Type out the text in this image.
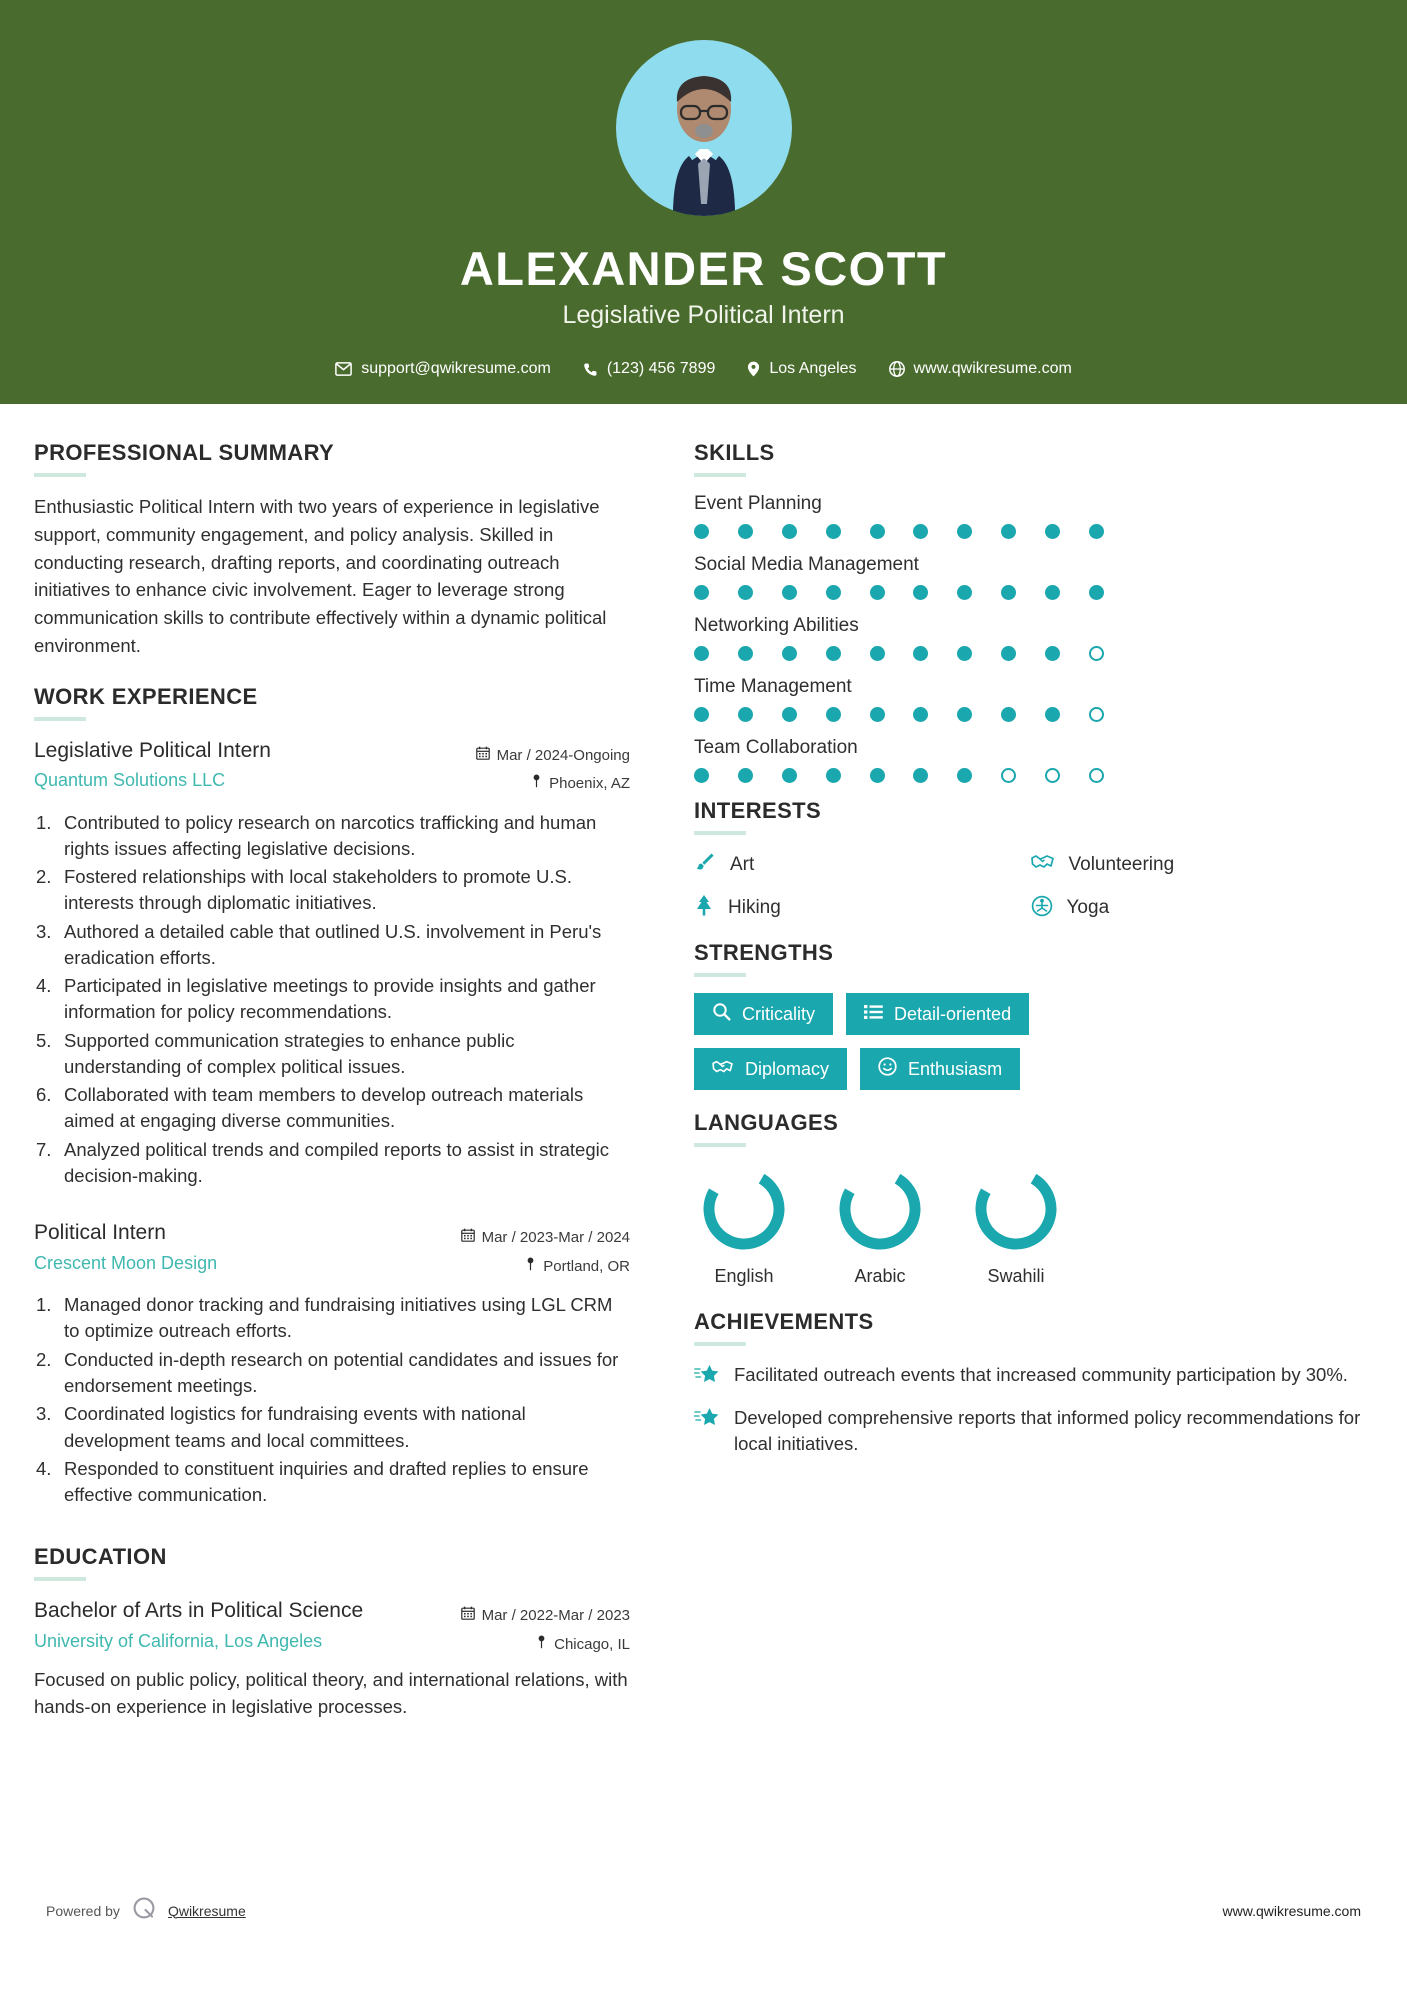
ALEXANDER SCOTT
Legislative Political Intern
support@qwikresume.com	(123) 456 7899	Los Angeles	www.qwikresume.com
PROFESSIONAL SUMMARY
Enthusiastic Political Intern with two years of experience in legislative support, community engagement, and policy analysis. Skilled in conducting research, drafting reports, and coordinating outreach initiatives to enhance civic involvement. Eager to leverage strong communication skills to contribute effectively within a dynamic political environment.
WORK EXPERIENCE
Legislative Political Intern
Quantum Solutions LLC
Mar / 2024-Ongoing
Phoenix, AZ
Contributed to policy research on narcotics trafficking and human rights issues affecting legislative decisions.
Fostered relationships with local stakeholders to promote U.S. interests through diplomatic initiatives.
Authored a detailed cable that outlined U.S. involvement in Peru's eradication efforts.
Participated in legislative meetings to provide insights and gather information for policy recommendations.
Supported communication strategies to enhance public understanding of complex political issues.
Collaborated with team members to develop outreach materials aimed at engaging diverse communities.
Analyzed political trends and compiled reports to assist in strategic decision-making.
Political Intern
Crescent Moon Design
Mar / 2023-Mar / 2024
Portland, OR
Managed donor tracking and fundraising initiatives using LGL CRM to optimize outreach efforts.
Conducted in-depth research on potential candidates and issues for endorsement meetings.
Coordinated logistics for fundraising events with national development teams and local committees.
Responded to constituent inquiries and drafted replies to ensure effective communication.
EDUCATION
Bachelor of Arts in Political Science
University of California, Los Angeles
Mar / 2022-Mar / 2023
Chicago, IL
Focused on public policy, political theory, and international relations, with hands-on experience in legislative processes.
SKILLS
Event Planning
Social Media Management
Networking Abilities
Time Management
Team Collaboration
INTERESTS
Art	Volunteering
Hiking	Yoga
STRENGTHS
Criticality	Detail-oriented
Diplomacy	Enthusiasm
LANGUAGES
English	Arabic	Swahili
ACHIEVEMENTS
Facilitated outreach events that increased community participation by 30%.
Developed comprehensive reports that informed policy recommendations for local initiatives.
Powered by	Qwikresume	www.qwikresume.com
